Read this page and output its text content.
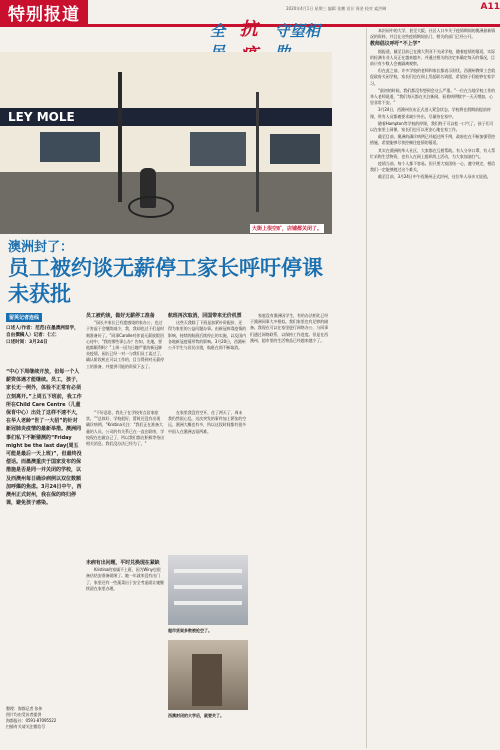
特别报道	2020年4月1日 星期三 编辑 张鹏 设计 周金 校对 索洪琳	A11
全 抗	守望相
LEY MOLE
大街上很空旷，店铺都关闭了。
澳洲封了：
员工被约谈无薪停工家长呼吁停课未获批
留英记者连线
口述人/作者：范范(在墨澳洲留学，自由撰稿人）记者：仁仁
口述时间：3月24日
“中心下周继续开放，但每一个人薪资体遇才能继续。员工，孩子，家长无一例外，体验不正常有必须立刻离开。”上周五下班前，我工作所在Child Care Centre（儿童保育中心）出处了这样不速不大，在华人老龄“世了一大招”的针对新冠肺炎疫情的最新举措。澳洲同事们私下不断猜测的“Friday might be the last day(周五可能是最后一天上班)”，但最终没偿话。而墨澳重庆于国家发布的保措施是否是同一并关闭的学校，以及西澳州每日确诊病例以双位数额加呼爆的焦虑。3月24日中午，西澳州正式封州，我在保的终归停课，避免孩子感染。
整理：海都记者 张伟
图片均由受访者提供
海都报社：0591-87095522
扫描有关请关注微信号

员工被约谈，做好无薪停工准备

“园长多家长已有遗感染的家办公，也过于害虚于会继续减少，我，我却也过于们是时刻准备好了。”同事Carolle对你说无薪放假回心待中，“我的那些事么办？告知，先地，要他都顺利吗？”上周一因为日趣严重的新冠肺炎疫情，园长已经一对一与我们员工谈过了，确认阶段机在可以工作的，目当得到对无薪停工的准备，并提供可能的资质下去了。

“不好意思，我先子在学校有点居家症状。”“总体好，学校很好，暂时还没有出现确诊病例。”Kristina关注：“我们正在准备大量的人员，公司的有关系已在一直在联络，学校现在也做自己了，所以我们都在积极等待出相关消息，我们没办法已经为了。”

未病有出问题，平时兑换现在紧缺

Kristina的家属不上班，因为Winy也很备估结安准备就绪了。她一年就来没有出门了，家里还有一些蔬菜出于安全考虑就让她继续留在家里办理。

航班再次取消，回国带来无价机票

这些天我除了下班是加紧补资配价，还得为家里的公益问题办事。由新冠病毒疫情的影响，持续的航班后续停止的实施，以及国内各地新冠疫情形势的影响。3月20日，西澳州公开学生与居民出境，航班在即不断取消。

在家里我没有空开，住了两天了，周末我仍然很心乱，这次突发的事件加上紧张的空运，澳洲大概也有多，所以这段时间都有很多中国人在澳洲去留两难。

家庭没有澳洲因学生，有的办法相比已经于澳洲同事大多相似。我们家里也有足够的储备。我现在可以在家里进行网络办公，与同事们通过网络联系，以保持工作进度。但是在西澳州，超市里的生活物品已经越来越少了。

超市货架多数被抢空了。
西澳封闭的大学后，就要关了。

本封闭中的大学，甚至大阪，社区人口多关于疫情期间的澳洲最新情况的资料，并且在这些疫情期间出门，相关的部门已经公开。

教师倡议呼吁“不上学”

据报道，截至目前已在澳大利亚不关闭学校，随着疫情的蔓延，实际的检测专业人员正在越来越多，并通过相关的决定来确定每天的情况，目前只有少数人会被隔离观察。

但在此之前，许多学校的老师和家长都表示担忧。西澳州教师工会敦促政府关闭学校，家长们也在网上发起联名请愿，希望孩子们能够在家学习。

“最初的时候，我们都没有想到会这么严重。”一位在当地学校工作的华人老师说道，“我们每天都在关注新闻，看着病例数字一天天增加，心里非常不安。”

3月24日，西澳州宣布正式进入紧急状态，学校将在假期前提前停课，所有人员都被要求减少外出，尽量待在家中。

随着Hampton等学校的停课，我们终于可以松一口气了。孩子们可以在家里上网课，家长们也可以更安心地在家工作。

截至目前，澳洲的确诊病例已经超过两千例，政府也在不断加强管控措施，希望能够尽快控制住疫情的蔓延。

其实在澳洲的华人社区，大家都在互相帮助。有人分享口罩，有人帮忙采购生活物资，也有人在网上组织线上活动，为大家加油打气。

疫情当前，每个人都不容易。但只要大家团结一心，遵守规定，相信我们一定能够渡过这个难关。

截至目前，3月24日中午西澳州正式封州，这位华人母亲又说道。
